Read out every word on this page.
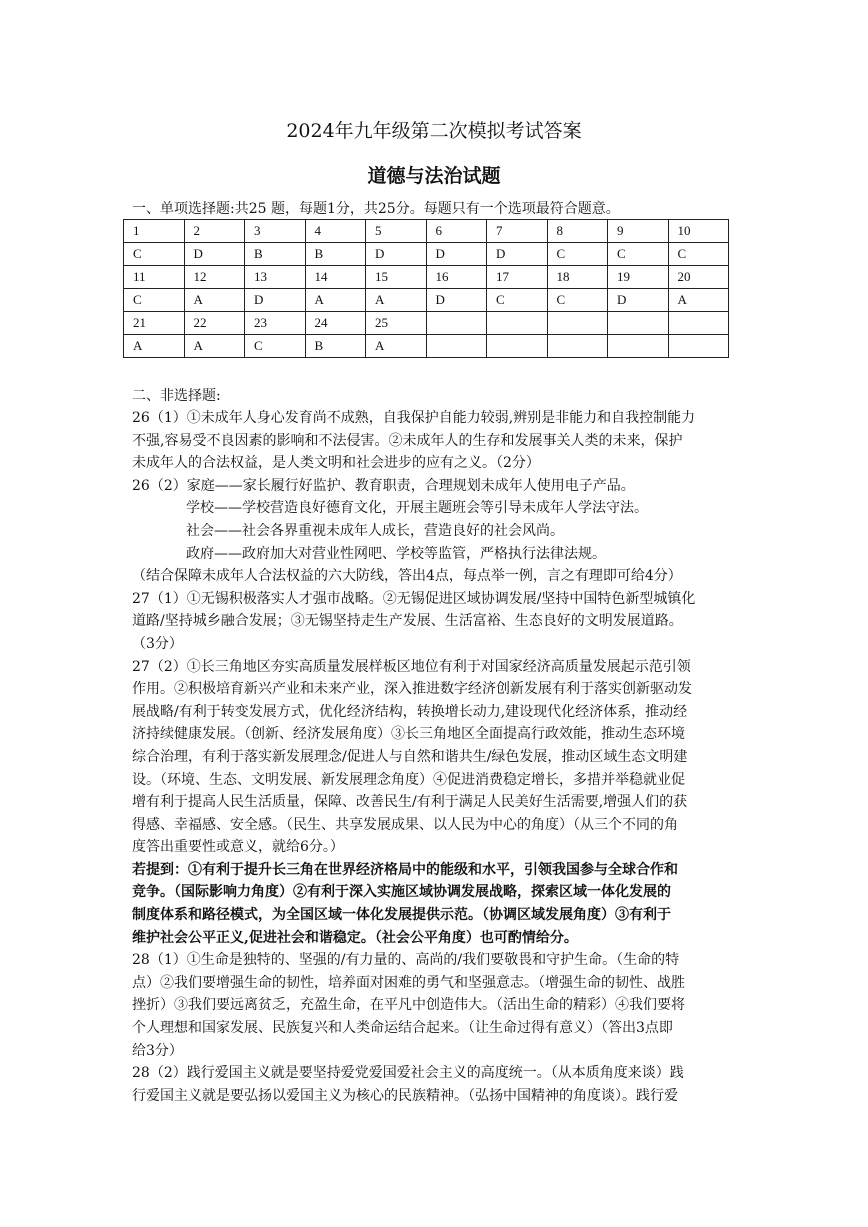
2024年九年级第二次模拟考试答案
道德与法治试题
一、单项选择题:共25 题，每题1分，共25分。每题只有一个选项最符合题意。
1	2	3	4	5	6	7	8	9	10
C	D	B	B	D	D	D	C	C	C
11	12	13	14	15	16	17	18	19	20
C	A	D	A	A	D	C	C	D	A
21	22	23	24	25					
A	A	C	B	A					
二、非选择题:
26（1）①未成年人身心发育尚不成熟，自我保护自能力较弱,辨别是非能力和自我控制能力
不强,容易受不良因素的影响和不法侵害。②未成年人的生存和发展事关人类的未来，保护
未成年人的合法权益，是人类文明和社会进步的应有之义。（2分）
26（2）家庭——家长履行好监护、教育职责，合理规划未成年人使用电子产品。
学校——学校营造良好德育文化，开展主题班会等引导未成年人学法守法。
社会——社会各界重视未成年人成长，营造良好的社会风尚。
政府——政府加大对营业性网吧、学校等监管，严格执行法律法规。
（结合保障未成年人合法权益的六大防线，答出4点，每点举一例，言之有理即可给4分）
27（1）①无锡积极落实人才强市战略。②无锡促进区域协调发展/坚持中国特色新型城镇化
道路/坚持城乡融合发展；③无锡坚持走生产发展、生活富裕、生态良好的文明发展道路。
（3分）
27（2）①长三角地区夯实高质量发展样板区地位有利于对国家经济高质量发展起示范引领
作用。②积极培育新兴产业和未来产业，深入推进数字经济创新发展有利于落实创新驱动发
展战略/有利于转变发展方式，优化经济结构，转换增长动力,建设现代化经济体系，推动经
济持续健康发展。（创新、经济发展角度）③长三角地区全面提高行政效能，推动生态环境
综合治理，有利于落实新发展理念/促进人与自然和谐共生/绿色发展，推动区域生态文明建
设。（环境、生态、文明发展、新发展理念角度）④促进消费稳定增长，多措并举稳就业促
增有利于提高人民生活质量，保障、改善民生/有利于满足人民美好生活需要,增强人们的获
得感、幸福感、安全感。（民生、共享发展成果、以人民为中心的角度）（从三个不同的角
度答出重要性或意义，就给6分。）
若提到：①有利于提升长三角在世界经济格局中的能级和水平，引领我国参与全球合作和
竞争。（国际影响力角度）②有利于深入实施区域协调发展战略，探索区域一体化发展的
制度体系和路径模式，为全国区域一体化发展提供示范。（协调区域发展角度）③有利于
维护社会公平正义,促进社会和谐稳定。（社会公平角度）也可酌情给分。
28（1）①生命是独特的、坚强的/有力量的、高尚的/我们要敬畏和守护生命。（生命的特
点）②我们要增强生命的韧性，培养面对困难的勇气和坚强意志。（增强生命的韧性、战胜
挫折）③我们要远离贫乏，充盈生命，在平凡中创造伟大。（活出生命的精彩）④我们要将
个人理想和国家发展、民族复兴和人类命运结合起来。（让生命过得有意义）（答出3点即
给3分）
28（2）践行爱国主义就是要坚持爱党爱国爱社会主义的高度统一。（从本质角度来谈）践
行爱国主义就是要弘扬以爱国主义为核心的民族精神。（弘扬中国精神的角度谈）。践行爱
